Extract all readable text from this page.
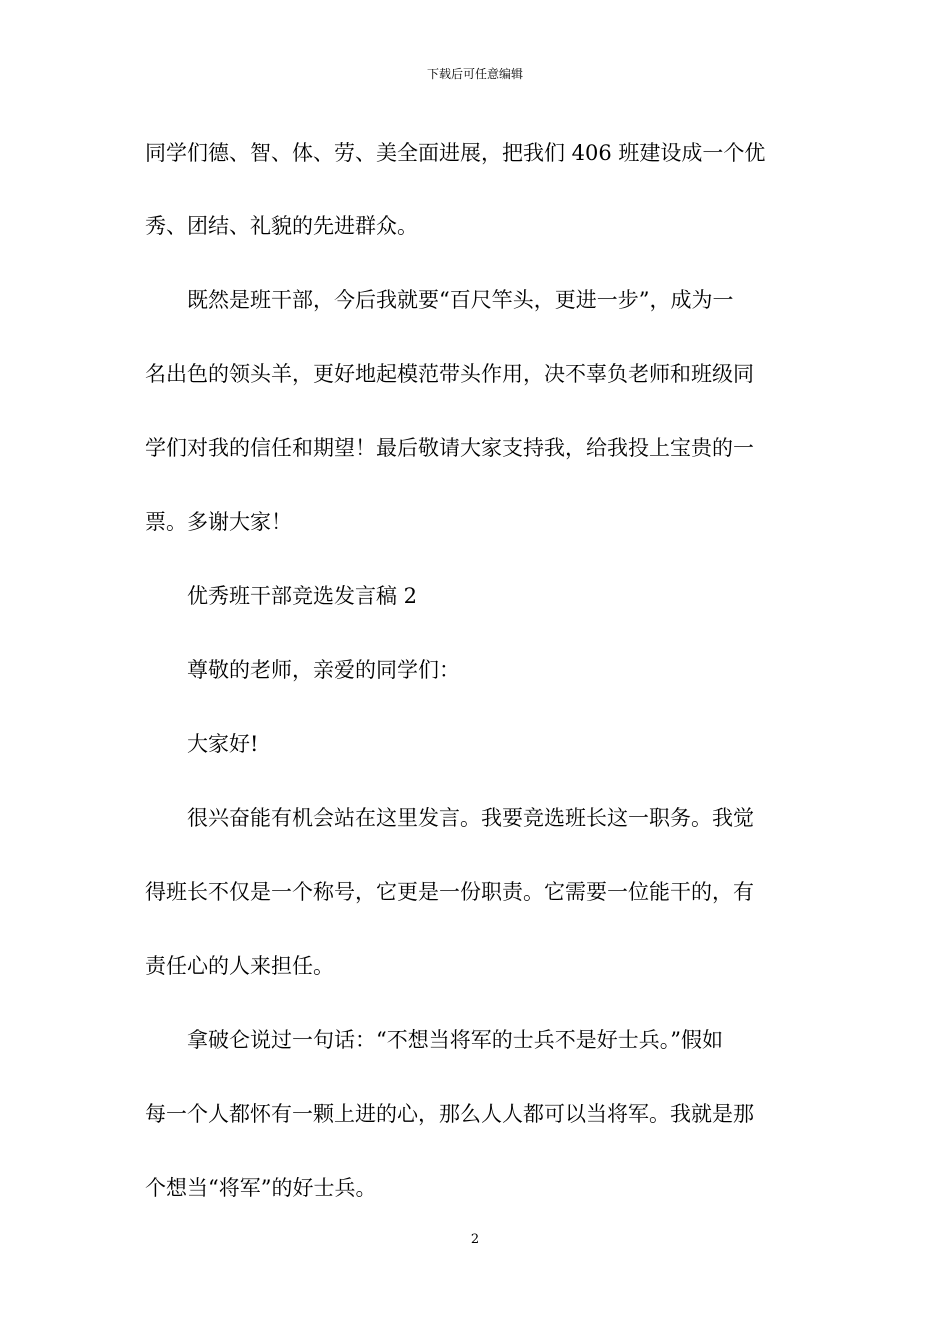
下载后可任意编辑
同学们德、智、体、劳、美全面进展，把我们 406 班建设成一个优
秀、团结、礼貌的先进群众。
　　既然是班干部，今后我就要“百尺竿头，更进一步”，成为一
名出色的领头羊，更好地起模范带头作用，决不辜负老师和班级同
学们对我的信任和期望！最后敬请大家支持我，给我投上宝贵的一
票。多谢大家！
　　优秀班干部竞选发言稿 2
　　尊敬的老师，亲爱的同学们：
　　大家好!
　　很兴奋能有机会站在这里发言。我要竞选班长这一职务。我觉
得班长不仅是一个称号，它更是一份职责。它需要一位能干的，有
责任心的人来担任。
　　拿破仑说过一句话：“不想当将军的士兵不是好士兵。”假如
每一个人都怀有一颗上进的心，那么人人都可以当将军。我就是那
个想当“将军”的好士兵。
2
